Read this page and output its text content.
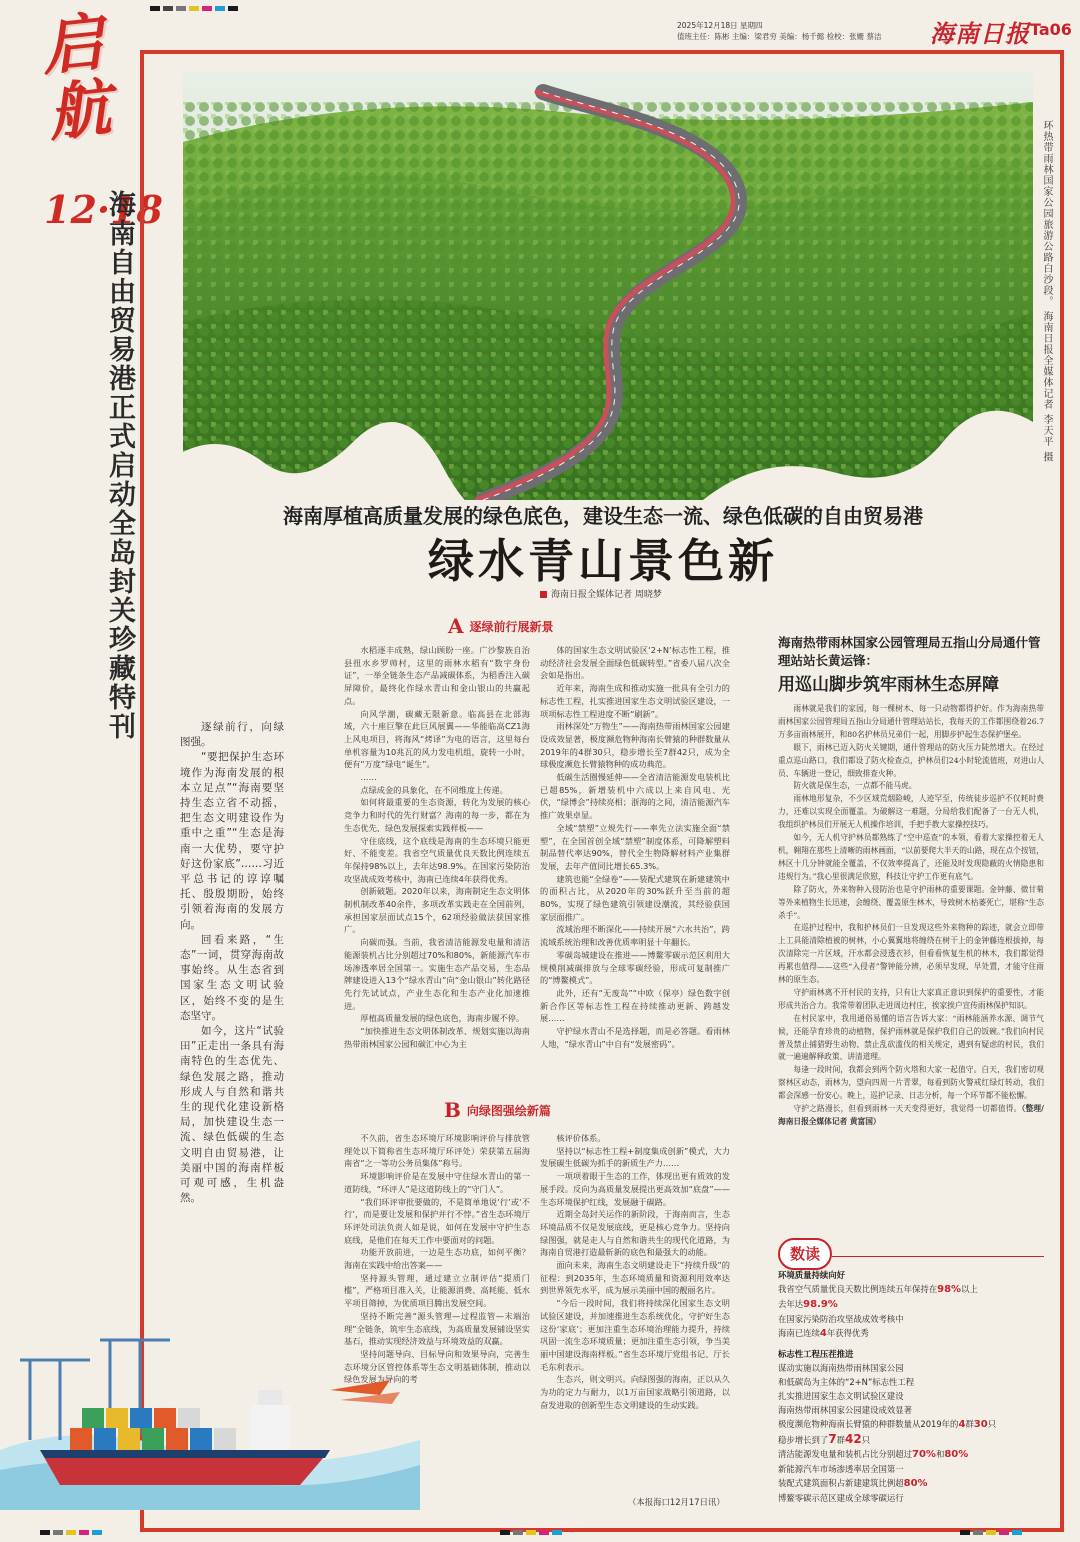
2025年12月18日 星期四
值班主任：陈彬 主编：梁君穷 美编：杨千懿 检校：张姗 蔡洁 海南日报 Ta06
启航
12·18
海南自由贸易港正式启动全岛封关珍藏特刊	环热带雨林国家公园旅游公路白沙段。 海南日报全媒体记者 李天平 摄
海南厚植高质量发展的绿色底色，建设生态一流、绿色低碳的自由贸易港
绿水青山景色新
海南日报全媒体记者 周晓梦

逐绿前行，向绿图强。

“要把保护生态环境作为海南发展的根本立足点”“海南要坚持生态立省不动摇，把生态文明建设作为重中之重”“生态是海南一大优势，要守护好这份家底”……习近平总书记的谆谆嘱托、殷殷期盼，始终引领着海南的发展方向。

回看来路，“生态”一词，贯穿海南故事始终。从生态省到国家生态文明试验区，始终不变的是生态坚守。

如今，这片“试验田”正走出一条具有海南特色的生态优先、绿色发展之路，推动形成人与自然和谐共生的现代化建设新格局，加快建设生态一流、绿色低碳的生态文明自由贸易港，让美丽中国的海南样板可观可感，生机盎然。

A 逐绿前行展新景

水稻逐丰成熟，绿山顾盼一座。广沙黎族自治县扭水乡罗帅村，这里的雨林水稻有“数字身份证”，一举全链条生态产品减碳体系，为稻香注入碳屏障价，最终化作绿水青山和金山银山的共赢起点。

向风学潮，碳藏无限新意。临高县在北部海域，六十座巨擎在此巨风展翼——华能临高CZ1海上风电项目，将海风“烤译”为电的语言，这里每台单机容量为10兆瓦的风力发电机组，旋转一小时，便有“万度”绿电“诞生”。

……

点绿成金的具象化，在不同维度上传递。

如何将最重要的生态资源，转化为发展的核心竞争力和时代的先行财富？海南的每一步，都在为生态优先、绿色发展探索实践样板——

守住底线，这个底线是海南的生态环境只能更好、不能变差。我省空气质量优良天数比例连续五年保持98%以上，去年达98.9%。在国家污染防治攻坚战成效考核中，海南已连续4年获得优秀。

创新破题。2020年以来，海南制定生态文明体制机制改革40余件，多项改革实践走在全国前列，承担国家层面试点15个，62项经验做法获国家推广。

向碳而强。当前，我省清洁能源发电量和清洁能源装机占比分别超过70%和80%，新能源汽车市场渗透率居全国第一。实施生态产品交易，生态品牌建设进入13个“绿水青山”向“金山银山”转化路径先行先试试点，产业生态化和生态产业化加速推进。

厚植高质量发展的绿色底色，海南步履不停。

“加快推进生态文明体制改革、规划实施以海南热带雨林国家公园和碳汇中心为主

体的国家生态文明试验区‘2+N’标志性工程，推动经济社会发展全面绿色低碳转型。”省委八届八次全会如是指出。

近年来，海南生成和推动实施一批具有全引力的标志性工程，扎实推进国家生态文明试验区建设，一项项标志性工程进度不断“刷新”。

雨林深处“万物生”——海南热带雨林国家公园建设成效显著，极度濒危物种海南长臂猿的种群数量从2019年的4群30只，稳步增长至7群42只，成为全球极度濒危长臂猿物种的成功典范。

低碳生活圈慢延伸——全省清洁能源发电装机比已超85%，新增装机中六成以上来自风电、光伏，“绿博会”持续亮相；浙海的之间，清洁能源汽车推广效果卓显。

全域“禁塑”立规先行——率先立法实施全面“禁塑”，在全国首创全域“禁塑”制度体系，可降解塑料制品替代率达90%，替代全生物降解材料产业集群发展，去年产值同比增长65.3%。

建筑也能“全绿卷”——装配式建筑在新建建筑中的面积占比，从2020年的30%跃升至当前的超80%，实现了绿色建筑引领建设潮流，其经验获国家层面推广。

流域治理不断深化——持续开展“六水共治”，跨流域系统治理和改善优质率明显十年翻长。

零碳岛城建设在推进——博鳌零碳示范区利用大规模削减碳排放与全球零碳经验，形成可复制推广的“博鳌模式”。

此外，还有“无废岛”“中欧（保亭）绿色数字创新合作区等标志性工程在持续推动更新、跨越发展……

守护绿水青山不是选择题，而是必答题。看雨林人地，“绿水青山”中自有“发展密码”。

B 向绿图强绘新篇

不久前，省生态环境厅环境影响评价与排放管理处以下简称省生态环境厅环评处）荣获第五届海南省“之一等功公务员集体”称号。

环境影响评价是在发展中守住绿水青山的第一道防线，“环评人”是这道防线上的“守门人”。

“我们环评审批要做的，不是简单地说‘行’或‘不行’，而是要让发展和保护并行不悖。”省生态环境厅环评处司法负责人如是说，如何在发展中守护生态底线，是他们在每天工作中要面对的问题。

功能开放前进，一边是生态功底，如何平衡？海南在实践中给出答案——

坚持源头管理，通过建立立制评估“提质门槛”，严格项目准入关，让能源消费、高耗能、低水平项目筛掉，为优质项目腾出发展空间。

坚持不断完善“源头管理—过程监管—末端治理”全链条，筑牢生态底线，为高质量发展铺设坚实基石，推动实现经济效益与环境效益的双赢。

坚持问题导向、目标导向和效果导向，完善生态环境分区管控体系等生态文明基础体制，推动以绿色发展为导向的考

核评价体系。

坚持以“标志性工程+制度集成创新”模式，大力发展碳生低碳为抓手的新质生产力……

一项项着眼于生态的工作，体现出更有质效的发展手段。反向为高质量发展提出更高效加“底盘”——生态环境保护红线，发展融于碳路。

近期全岛封关运作的新阶段，于海南而言，生态环境品质不仅是发展底线，更是核心竞争力。坚持向绿图强，就是走人与自然和谐共生的现代化道路，为海南自贸港打造最斩新的底色和最强大的动能。

面向未来，海南生态文明建设走下“持续升级”的征程：到2035年，生态环境质量和资源利用效率达到世界领先水平，成为展示美丽中国的靓丽名片。

“今后一段时间，我们将持续深化国家生态文明试验区建设，并加速推进生态系统优化，守护好生态这份‘家底’；更加注重生态环境治理能力提升，持续巩固一流生态环境质量；更加注重生态引领，争当美丽中国建设海南样板。”省生态环境厅党组书记、厅长毛东利表示。

生态兴，则文明兴。向绿图强的海南，正以从久为功的定力与耐力，以1万亩国家战略引领道路，以奋发进取的创新型生态文明建设的生动实践。

（本报海口12月17日讯）
海南热带雨林国家公园管理局五指山分局通什管理站站长黄运锋：
用巡山脚步筑牢雨林生态屏障

雨林就是我们的家园，每一棵树木、每一只动物都得护好。作为海南热带雨林国家公园管理局五指山分局通什管理站站长，我每天的工作都围绕着26.7万多亩雨林展开，和80名护林员兄弟们一起，用脚步护起生态保护堡垒。

眼下，雨林已迈入防火关键期，通什管理站的防火压力陡然增大。在经过重点巡山路口，我们都设了防火检查点，护林员们24小时轮流值班，对进山人员、车辆进一登记，细致排查火种。

防火就是保生态，一点都不能马虎。

雨林地形复杂，不少区域荒烟险峻，人迹罕至，传统徒步巡护不仅耗时费力，还难以实现全面覆盖。为破解这一难题，分局给我们配备了一台无人机，我组织护林员们开展无人机操作培训，手把手教大家操控技巧。

如今，无人机守护林员都熟练了“空中巡查”的本领，看着大家操控着无人机，翱翔在那些上清晰的雨林画面，“以前要爬大半天的山路，现在点个按钮，林区十几分钟就能全覆盖，不仅效率提高了，还能及时发现隐蔽的火情隐患和违规行为。”我心里很满足欣慰，科技让守护工作更有底气。

除了防火，外来物种入侵防治也是守护雨林的重要课题。金钟藤、微甘菊等外来植物生长迅速，会缠绕、覆盖原生林木，导致树木枯萎死亡，堪称“生态杀手”。

在巡护过程中，我和护林员们一旦发现这些外来物种的踪迹，就会立即带上工具能清除植被的树林，小心翼翼地将缠绕在树干上的金钟藤连根拔掉，每次清除完一片区域，汗水都会浸透衣衫，但看看恢复生机的林木，我们都觉得再累也值得——这些“入侵者”警钟能分辨，必须早发现、早处置，才能守住雨林的原生态。

守护雨林离不开村民的支持，只有让大家真正意识到保护的重要性，才能形成共治合力。我常带着团队走进周边村庄，挨家挨户宣传雨林保护知识。

在村民家中，我用通俗易懂的语言告诉大家：“雨林能涵养水源、调节气候，还能孕育珍贵的动植物，保护雨林就是保护我们自己的饭碗。”我们向村民普及禁止捕猎野生动物、禁止乱砍滥伐的相关规定，遇到有疑虑的村民，我们就一遍遍解释政策、讲清道理。

每逢一段时间，我都会到两个防火塔和大家一起值守。白天，我们密切观察林区动态，雨林为，望向四周一片青翠，每看到防火警戒红绿灯转动，我们都会深感一份安心。晚上，巡护记录、日志分析，每一个环节都不能松懈。

守护之路漫长，但看到雨林一天天变得更好，我觉得一切都值得。（整理/海南日报全媒体记者 黄富国）

数读
环境质量持续向好
我省空气质量优良天数比例连续五年保持在98%以上
去年达98.9%
在国家污染防治攻坚战成效考核中
海南已连续4年获得优秀
标志性工程压茬推进
谋动实施以海南热带雨林国家公园
和低碳岛为主体的“2+N”标志性工程
扎实推进国家生态文明试验区建设
海南热带雨林国家公园建设成效显著
极度濒危物种海南长臂猿的种群数量从2019年的4群30只
稳步增长到了7群42只
清洁能源发电量和装机占比分别超过70%和80%
新能源汽车市场渗透率居全国第一
装配式建筑面积占新建建筑比例超80%
博鳌零碳示范区建成全球零碳运行
